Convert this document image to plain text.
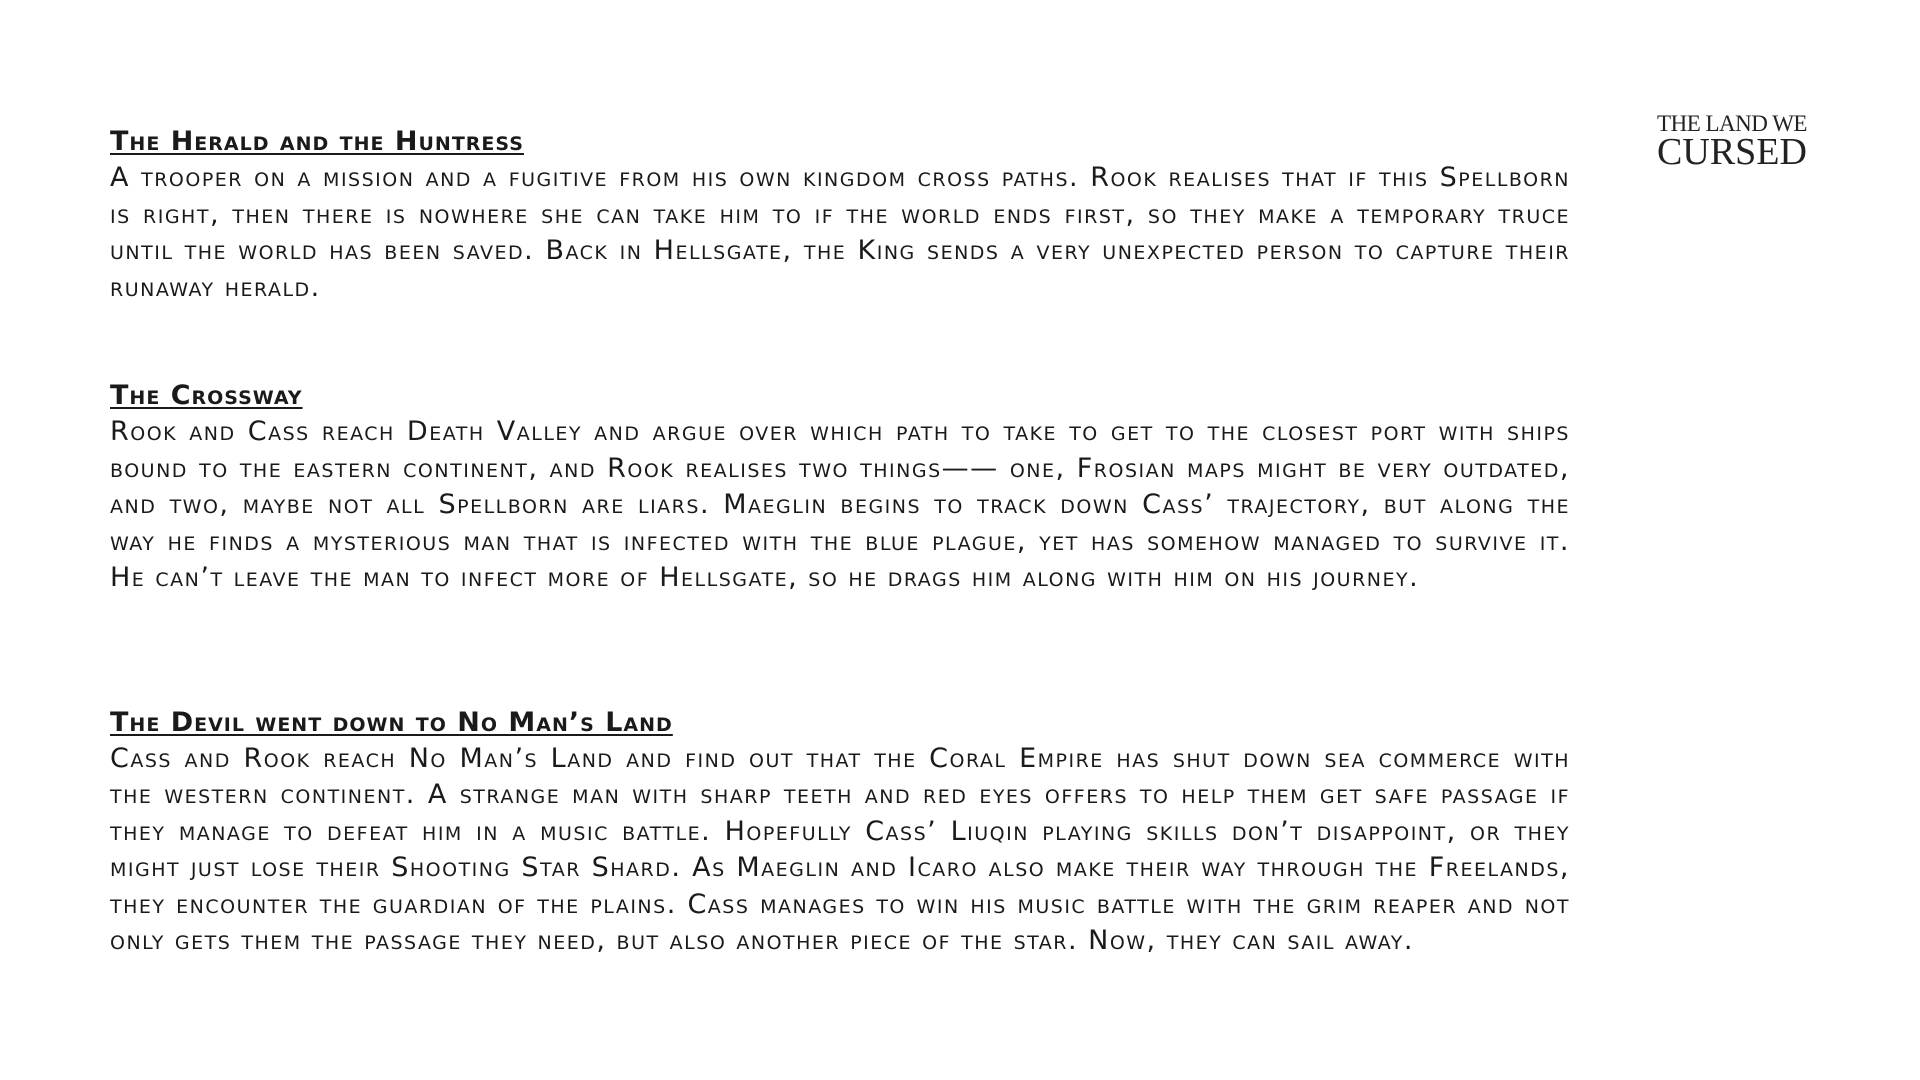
THE LAND WE
CURSED

The Herald and the Huntress

A trooper on a mission and a fugitive from his own kingdom cross paths. Rook realises that if this Spellborn is right, then there is nowhere she can take him to if the world ends first, so they make a temporary truce until the world has been saved. Back in Hellsgate, the King sends a very unexpected person to capture their runaway herald.

The Crossway

Rook and Cass reach Death Valley and argue over which path to take to get to the closest port with ships bound to the eastern continent, and Rook realises two things—— one, Frosian maps might be very outdated, and two, maybe not all Spellborn are liars. Maeglin begins to track down Cass’ trajectory, but along the way he finds a mysterious man that is infected with the blue plague, yet has somehow managed to survive it. He can’t leave the man to infect more of Hellsgate, so he drags him along with him on his journey.

The Devil went down to No Man’s Land

Cass and Rook reach No Man’s Land and find out that the Coral Empire has shut down sea commerce with the western continent. A strange man with sharp teeth and red eyes offers to help them get safe passage if they manage to defeat him in a music battle. Hopefully Cass’ Liuqin playing skills don’t disappoint, or they might just lose their Shooting Star Shard. As Maeglin and Icaro also make their way through the Freelands, they encounter the guardian of the plains. Cass manages to win his music battle with the grim reaper and not only gets them the passage they need, but also another piece of the star. Now, they can sail away.
